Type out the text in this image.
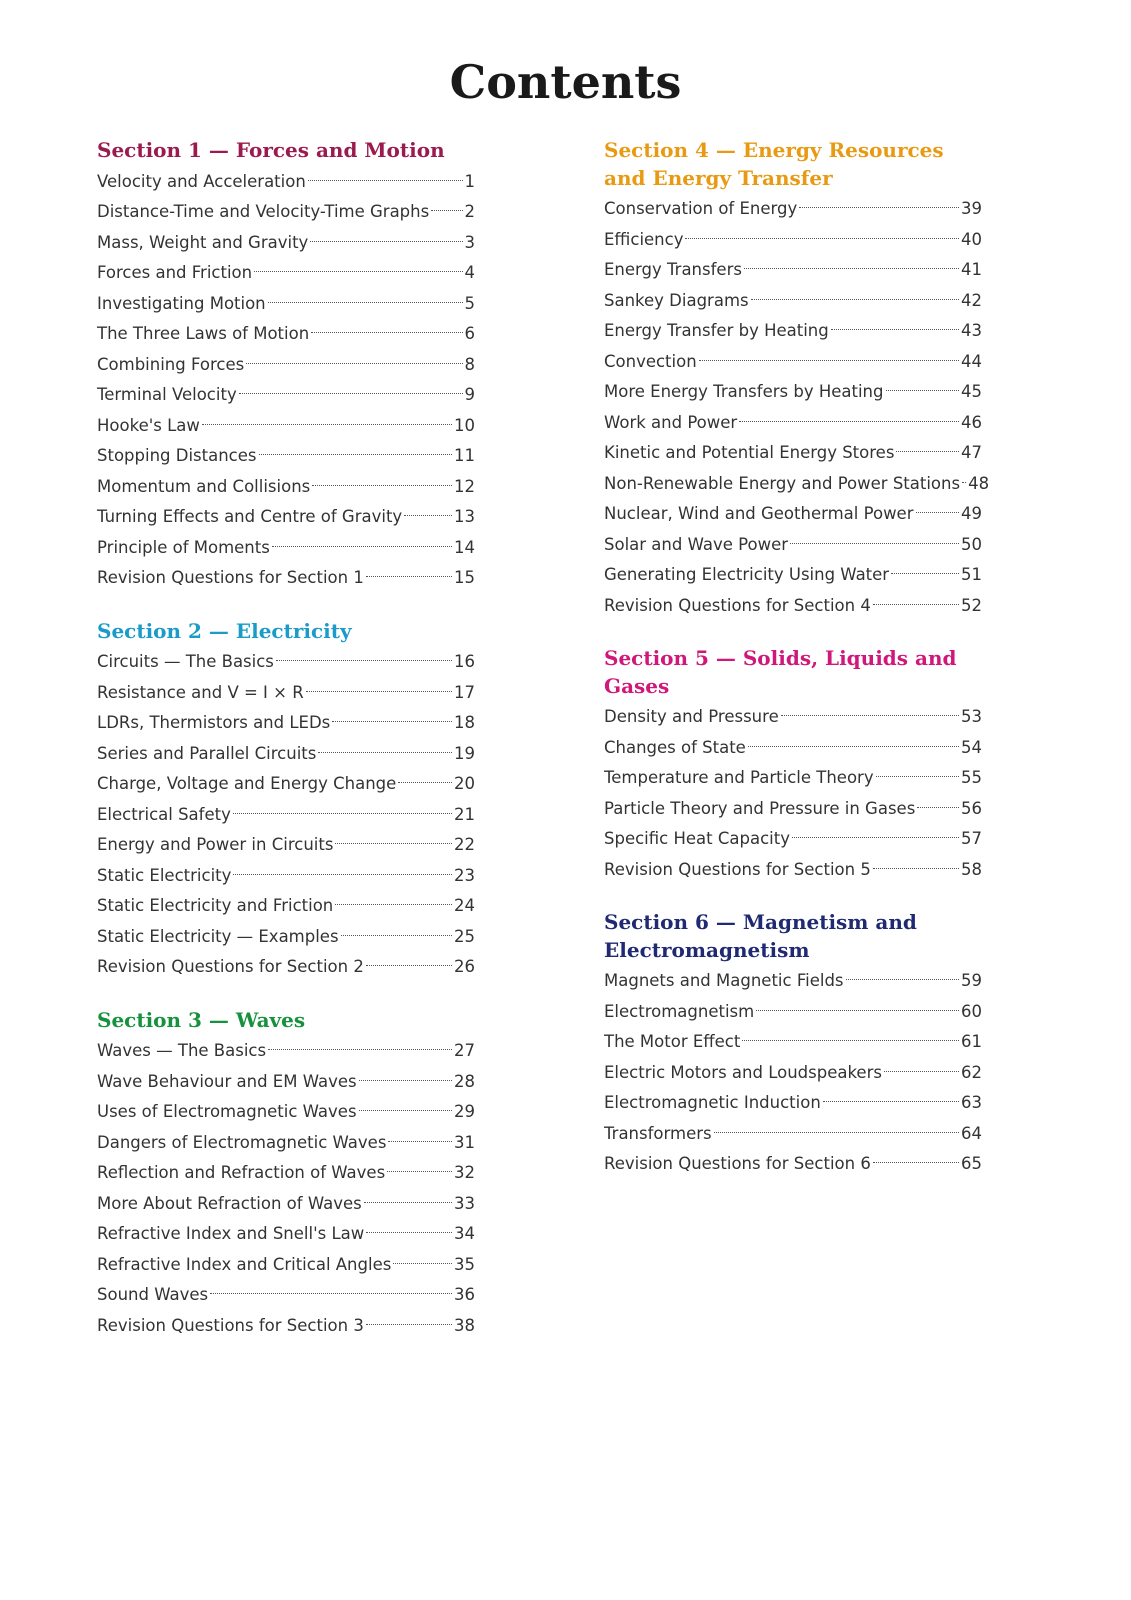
Contents
Section 1 — Forces and Motion
Velocity and Acceleration	1
Distance-Time and Velocity-Time Graphs 2
Mass, Weight and Gravity	3
Forces and Friction	4
Investigating Motion	5
The Three Laws of Motion	6
Combining Forces	8
Terminal Velocity	9
Hooke's Law	10
Stopping Distances	11
Momentum and Collisions	12
Turning Effects and Centre of Gravity	13
Principle of Moments	14
Revision Questions for Section 1	15
Section 2 — Electricity
Circuits — The Basics	16
Resistance and V = I × R	17
LDRs, Thermistors and LEDs	18
Series and Parallel Circuits	19
Charge, Voltage and Energy Change	20
Electrical Safety	21
Energy and Power in Circuits	22
Static Electricity	23
Static Electricity and Friction	24
Static Electricity — Examples	25
Revision Questions for Section 2	26
Section 3 — Waves
Waves — The Basics	27
Wave Behaviour and EM Waves	28
Uses of Electromagnetic Waves	29
Dangers of Electromagnetic Waves	31
Reflection and Refraction of Waves	32
More About Refraction of Waves	33
Refractive Index and Snell's Law	34
Refractive Index and Critical Angles	35
Sound Waves	36
Revision Questions for Section 3	38
Section 4 — Energy Resources and Energy Transfer
Conservation of Energy	39
Efficiency	40
Energy Transfers	41
Sankey Diagrams	42
Energy Transfer by Heating	43
Convection	44
More Energy Transfers by Heating	45
Work and Power	46
Kinetic and Potential Energy Stores	47
Non-Renewable Energy and Power Stations 48
Nuclear, Wind and Geothermal Power	49
Solar and Wave Power	50
Generating Electricity Using Water	51
Revision Questions for Section 4	52
Section 5 — Solids, Liquids and Gases
Density and Pressure	53
Changes of State	54
Temperature and Particle Theory	55
Particle Theory and Pressure in Gases	56
Specific Heat Capacity	57
Revision Questions for Section 5	58
Section 6 — Magnetism and Electromagnetism
Magnets and Magnetic Fields	59
Electromagnetism	60
The Motor Effect	61
Electric Motors and Loudspeakers	62
Electromagnetic Induction	63
Transformers	64
Revision Questions for Section 6	65
